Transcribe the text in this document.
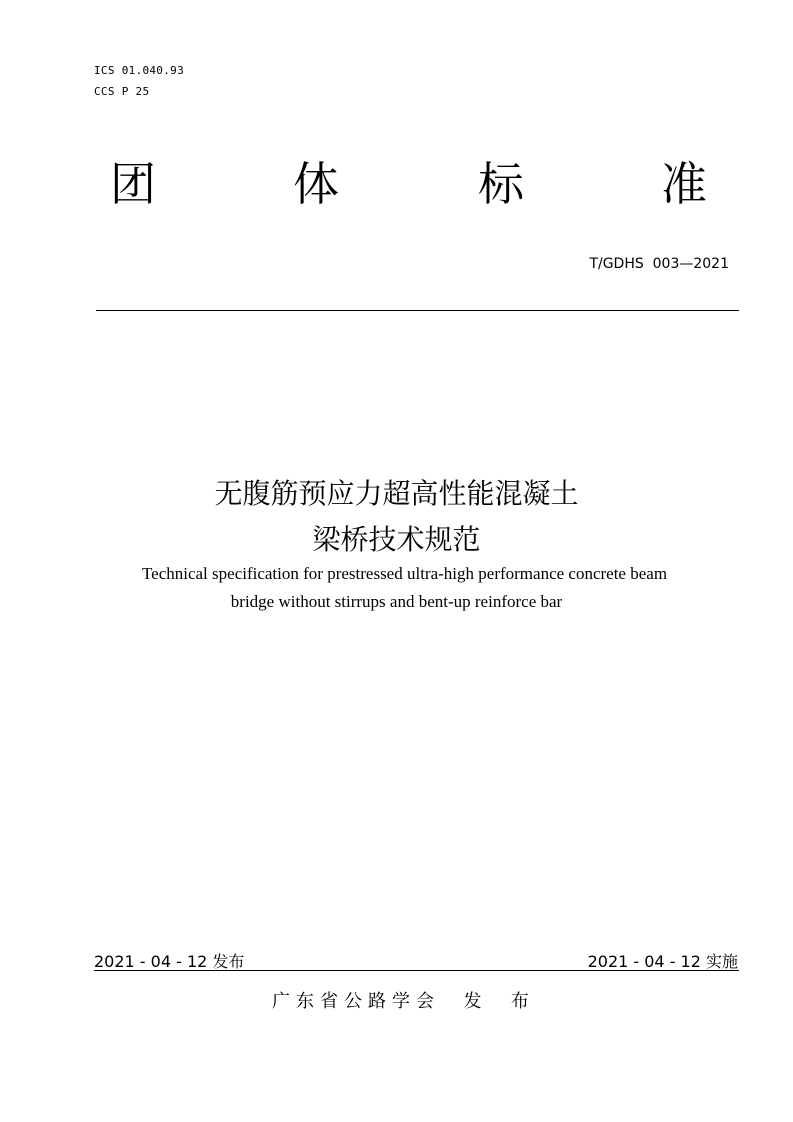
ICS 01.040.93
CCS P 25
团	体	标	准
T/GDHS  003—2021
无腹筋预应力超高性能混凝土
梁桥技术规范
Technical specification for prestressed ultra-high performance concrete beam
bridge without stirrups and bent-up reinforce bar
2021 - 04 - 12 发布	2021 - 04 - 12 实施
广东省公路学会  发  布
